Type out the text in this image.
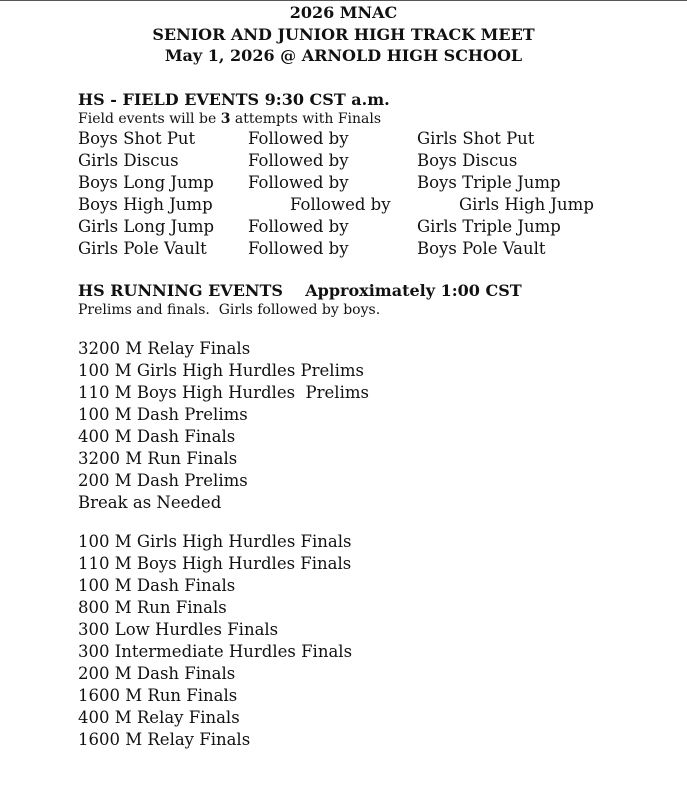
2026 MNAC
SENIOR AND JUNIOR HIGH TRACK MEET
May 1, 2026 @ ARNOLD HIGH SCHOOL
HS - FIELD EVENTS 9:30 CST a.m.
Field events will be 3 attempts with Finals
Boys Shot Put	Followed by	Girls Shot Put
Girls Discus	Followed by	Boys Discus
Boys Long Jump Followed by	Boys Triple Jump
Boys High Jump	Followed by	Girls High Jump
Girls Long Jump Followed by	Girls Triple Jump
Girls Pole Vault Followed by	Boys Pole Vault
HS RUNNING EVENTS    Approximately 1:00 CST
Prelims and finals.  Girls followed by boys.
3200 M Relay Finals
100 M Girls High Hurdles Prelims
110 M Boys High Hurdles  Prelims
100 M Dash Prelims
400 M Dash Finals
3200 M Run Finals
200 M Dash Prelims
Break as Needed
100 M Girls High Hurdles Finals
110 M Boys High Hurdles Finals
100 M Dash Finals
800 M Run Finals
300 Low Hurdles Finals
300 Intermediate Hurdles Finals
200 M Dash Finals
1600 M Run Finals
400 M Relay Finals
1600 M Relay Finals
